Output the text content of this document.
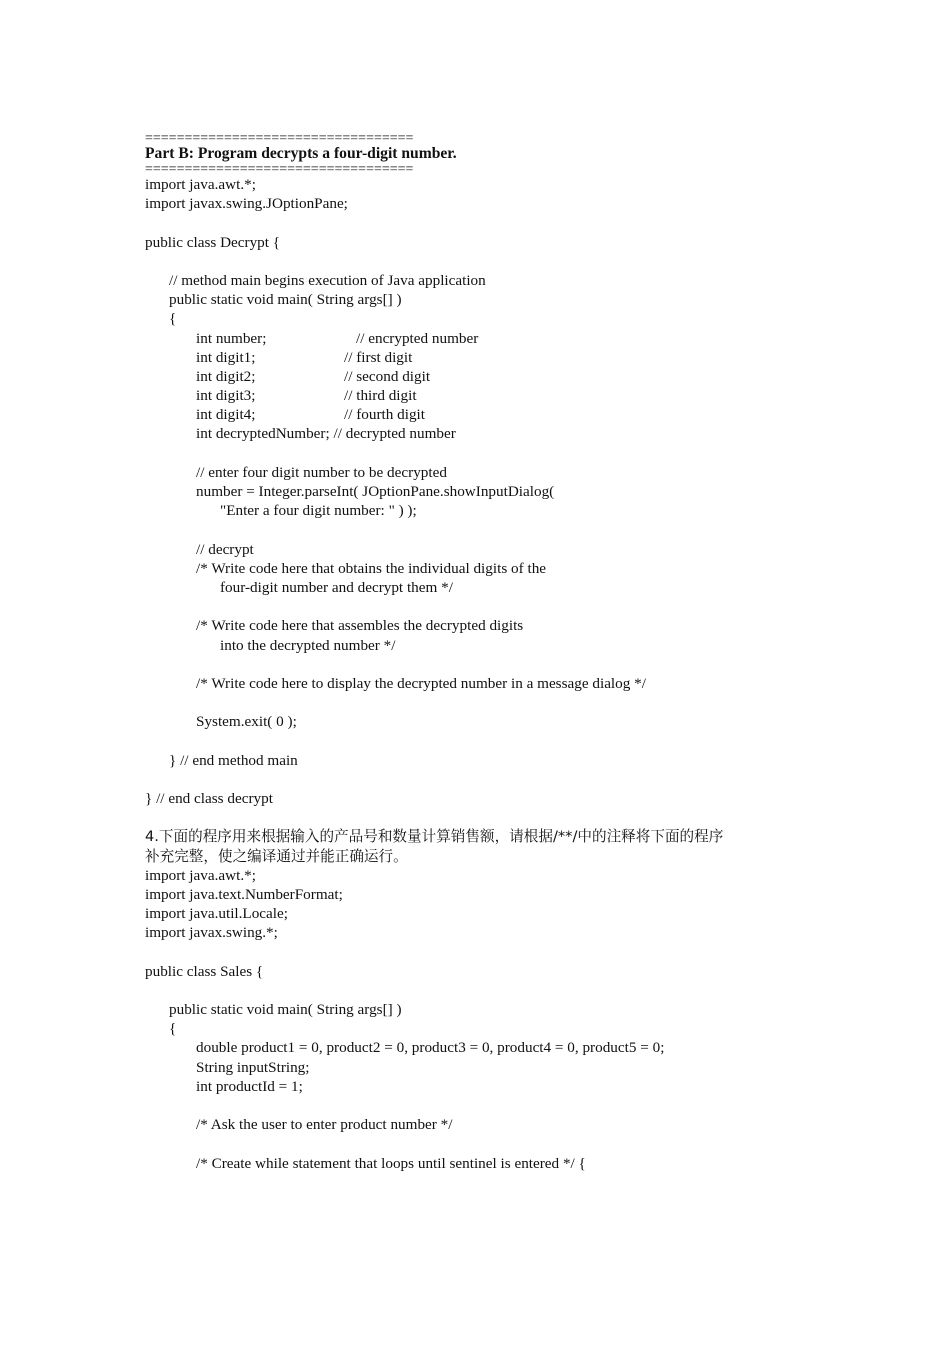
==================================
Part B: Program decrypts a four-digit number.
==================================
import java.awt.*;
import javax.swing.JOptionPane;
public class Decrypt {
// method main begins execution of Java application
public static void main( String args[] )
{
int number;	// encrypted number
int digit1;	// first digit
int digit2;	// second digit
int digit3;	// third digit
int digit4;	// fourth digit
int decryptedNumber; // decrypted number
// enter four digit number to be decrypted
number = Integer.parseInt( JOptionPane.showInputDialog(
"Enter a four digit number: " ) );
// decrypt
/* Write code here that obtains the individual digits of the
four-digit number and decrypt them */
/* Write code here that assembles the decrypted digits
into the decrypted number */
/* Write code here to display the decrypted number in a message dialog */
System.exit( 0 );
} // end method main
} // end class decrypt
4.下面的程序用来根据输入的产品号和数量计算销售额，请根据/**/中的注释将下面的程序
补充完整，使之编译通过并能正确运行。
import java.awt.*;
import java.text.NumberFormat;
import java.util.Locale;
import javax.swing.*;
public class Sales {
public static void main( String args[] )
{
double product1 = 0, product2 = 0, product3 = 0, product4 = 0, product5 = 0;
String inputString;
int productId = 1;
/* Ask the user to enter product number */
/* Create while statement that loops until sentinel is entered */ {
